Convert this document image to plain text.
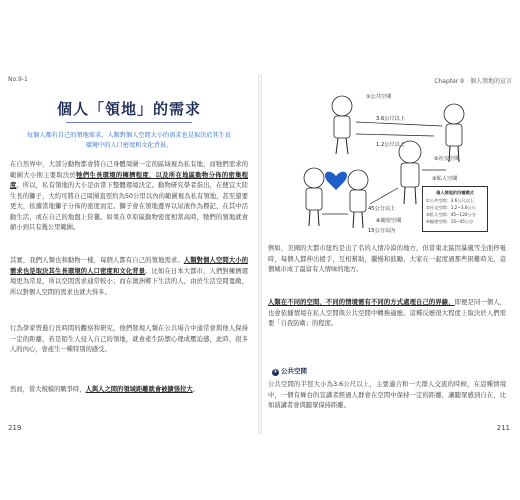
No.9-1
個人「領地」的需求
每個人都有自己的領地需求，人類對個人空間大小的需求也是取決於其生長環境中的人口密度和文化背景。
在自然界中，大部分動物都會將自己身體周圍一定的區域視為私有地，而牠們需求的範圍大小則主要取決於牠們生長環境的擁擠程度，以及所在地區動物分佈的密集程度。所以，私有領地的大小是由當下整體環境決定。動物研究學者指出，在便宜大陸生長的獅子，大約可將自己周圍直徑約為50公里以內的範圍視為私有領地，甚至還要更大，依據當地獅子分佈的密度而定。獅子會在領地邊界以尿液作為標記，在其中活動生活，或在自己的地盤上狩獵。如果在草原區動物密度相當高時，牠們的領地就會縮小到只有幾公里範圍。
其實，我們人類也和動物一樣，每個人都有自己的領地需求。人類對個人空間大小的需求也是取決其生長環境的人口密度和文化背景。比如在日本大都市，人們對擁擠環境更為常見，所以空間需求通常較小；而在澳洲鄉下生活的人，由於生活空間寬敞，所以對個人空間的需求也就大得多。
行為學家曾進行長時間的觀察和研究，他們發現人類在公共場合中通常會與他人保持一定的距離，若是陌生人侵入自己的領地，就會產生防禦心理或壓迫感，此時，很多人的內心，會產生一種特別的感受。
然而，當大規模的戰爭時，人與人之間的領域距離就會被擴張拉大。
219
Chapter 9　個人領地的宣言
①公共空間
3.6公尺以上
1.2公尺以上
②社交空間
③私人空間
45公分以上
④親密空間
15公分以內
個人領地的四種模式
①公共空間：3.6公尺以上
②社交空間：1.2~3.6公尺
③私人空間：45~120公分
④親密空間：15~45公分
例如，美國的大都市紐約是出了名的人情冷漠的地方，但當東北區因暴風雪全面停電時，每個人都伸出援手，互相幫助，鬻慢和鼓勵，大家在一起度過那些困難時光，這個城市成了最富有人情味的地方。
人類在不同的空間、不同的情境需有不同的方式處理自己的界線，即便是同一個人，也會依據情境在私人空間與公共空間中轉換適應。這種反應很大程度上取決於人們需要「自我防衛」的程度。
① 公共空間
公共空間的半徑大小為3.6公尺以上，主要適合和一大群人交流的時候，在這種情境中，一個有舞台的宣講者經過人群會在空間中保持一定的距離，讓聽眾感到自在，比如演講者會與聽眾保持距離。
211
